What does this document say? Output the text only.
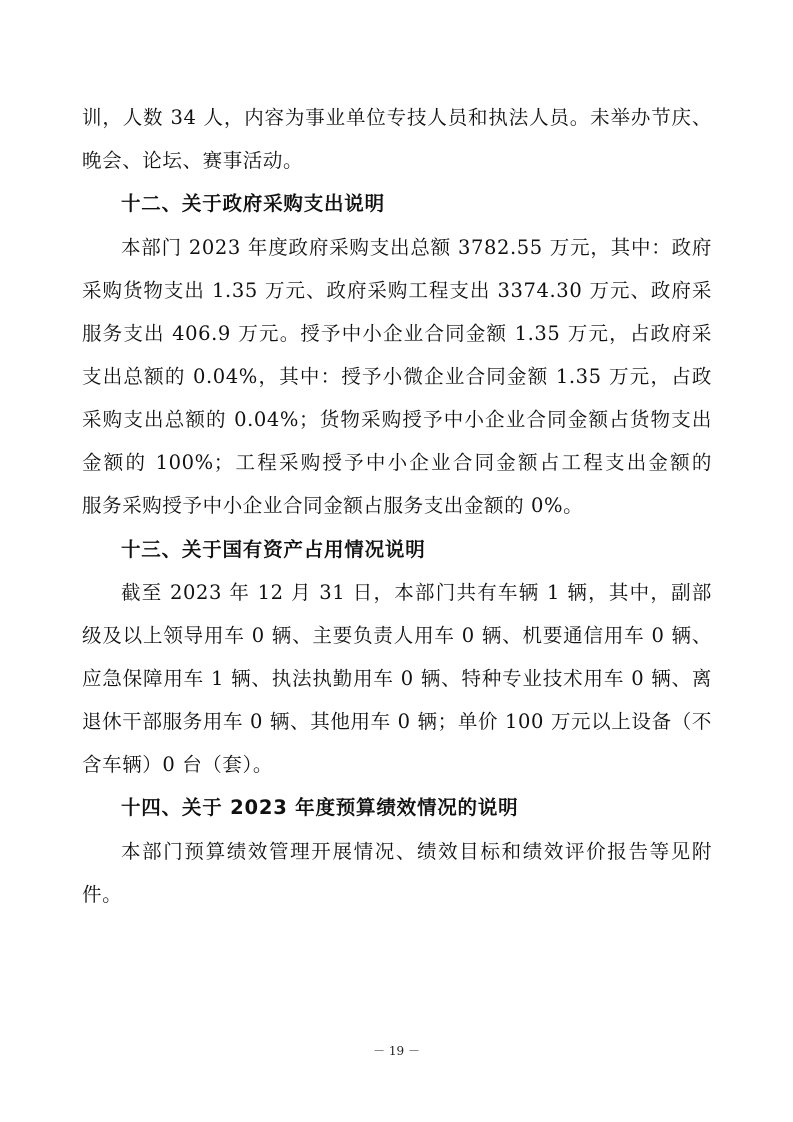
训，人数 34 人，内容为事业单位专技人员和执法人员。未举办节庆、
晚会、论坛、赛事活动。
十二、关于政府采购支出说明
本部门 2023 年度政府采购支出总额 3782.55 万元，其中：政府
采购货物支出 1.35 万元、政府采购工程支出 3374.30 万元、政府采
服务支出 406.9 万元。授予中小企业合同金额 1.35 万元，占政府采
支出总额的 0.04%，其中：授予小微企业合同金额 1.35 万元，占政
采购支出总额的 0.04%；货物采购授予中小企业合同金额占货物支出
金额的 100%；工程采购授予中小企业合同金额占工程支出金额的
服务采购授予中小企业合同金额占服务支出金额的 0%。
十三、关于国有资产占用情况说明
截至 2023 年 12 月 31 日，本部门共有车辆 1 辆，其中，副部
级及以上领导用车 0 辆、主要负责人用车 0 辆、机要通信用车 0 辆、
应急保障用车 1 辆、执法执勤用车 0 辆、特种专业技术用车 0 辆、离
退休干部服务用车 0 辆、其他用车 0 辆；单价 100 万元以上设备（不
含车辆）0 台（套）。
十四、关于 2023 年度预算绩效情况的说明
本部门预算绩效管理开展情况、绩效目标和绩效评价报告等见附
件。
－ 19 －
